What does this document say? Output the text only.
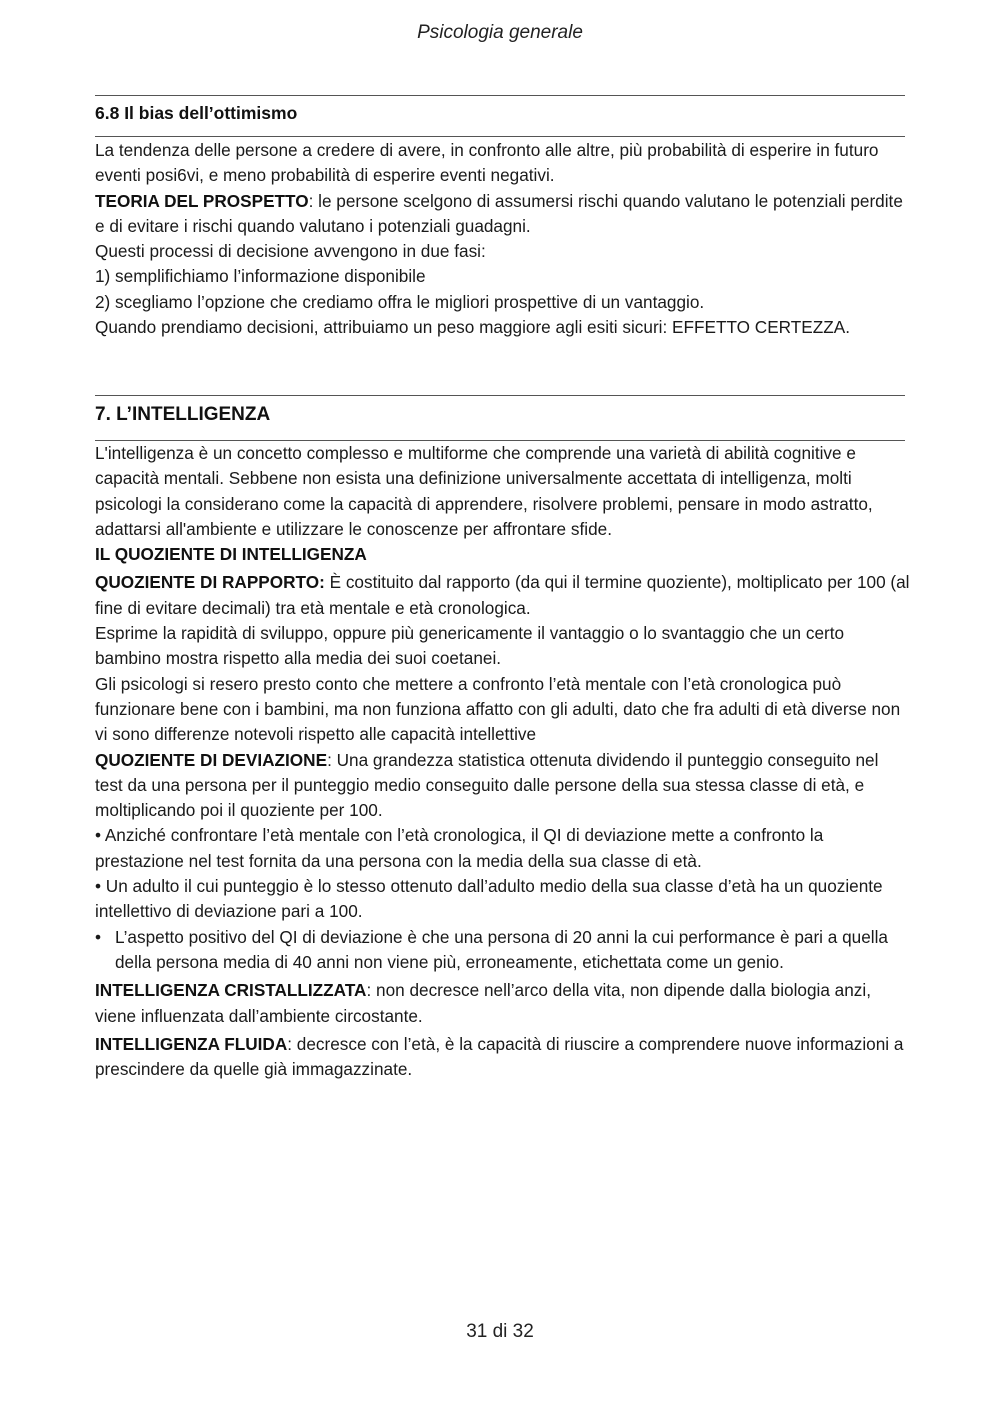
Psicologia generale
6.8 Il bias dell’ottimismo

La tendenza delle persone a credere di avere, in confronto alle altre, più probabilità di esperire in futuro eventi posi6vi, e meno probabilità di esperire eventi negativi.

TEORIA DEL PROSPETTO: le persone scelgono di assumersi rischi quando valutano le potenziali perdite e di evitare i rischi quando valutano i potenziali guadagni.

Questi processi di decisione avvengono in due fasi:

1) semplifichiamo l’informazione disponibile

2) scegliamo l’opzione che crediamo offra le migliori prospettive di un vantaggio.

Quando prendiamo decisioni, attribuiamo un peso maggiore agli esiti sicuri: EFFETTO CERTEZZA.

7. L’INTELLIGENZA

L'intelligenza è un concetto complesso e multiforme che comprende una varietà di abilità cognitive e capacità mentali. Sebbene non esista una definizione universalmente accettata di intelligenza, molti psicologi la considerano come la capacità di apprendere, risolvere problemi, pensare in modo astratto, adattarsi all'ambiente e utilizzare le conoscenze per affrontare sfide.

IL QUOZIENTE DI INTELLIGENZA

QUOZIENTE DI RAPPORTO: È costituito dal rapporto (da qui il termine quoziente), moltiplicato per 100 (al fine di evitare decimali) tra età mentale e età cronologica.

Esprime la rapidità di sviluppo, oppure più genericamente il vantaggio o lo svantaggio che un certo bambino mostra rispetto alla media dei suoi coetanei.

Gli psicologi si resero presto conto che mettere a confronto l’età mentale con l’età cronologica può funzionare bene con i bambini, ma non funziona affatto con gli adulti, dato che fra adulti di età diverse non vi sono differenze notevoli rispetto alle capacità intellettive

QUOZIENTE DI DEVIAZIONE: Una grandezza statistica ottenuta dividendo il punteggio conseguito nel test da una persona per il punteggio medio conseguito dalle persone della sua stessa classe di età, e moltiplicando poi il quoziente per 100.

• Anziché confrontare l’età mentale con l’età cronologica, il QI di deviazione mette a confronto la prestazione nel test fornita da una persona con la media della sua classe di età.

• Un adulto il cui punteggio è lo stesso ottenuto dall’adulto medio della sua classe d’età ha un quoziente intellettivo di deviazione pari a 100.

• L’aspetto positivo del QI di deviazione è che una persona di 20 anni la cui performance è pari a quella della persona media di 40 anni non viene più, erroneamente, etichettata come un genio.

INTELLIGENZA CRISTALLIZZATA: non decresce nell’arco della vita, non dipende dalla biologia anzi, viene influenzata dall’ambiente circostante.

INTELLIGENZA FLUIDA: decresce con l’età, è la capacità di riuscire a comprendere nuove informazioni a prescindere da quelle già immagazzinate.

31 di 32
